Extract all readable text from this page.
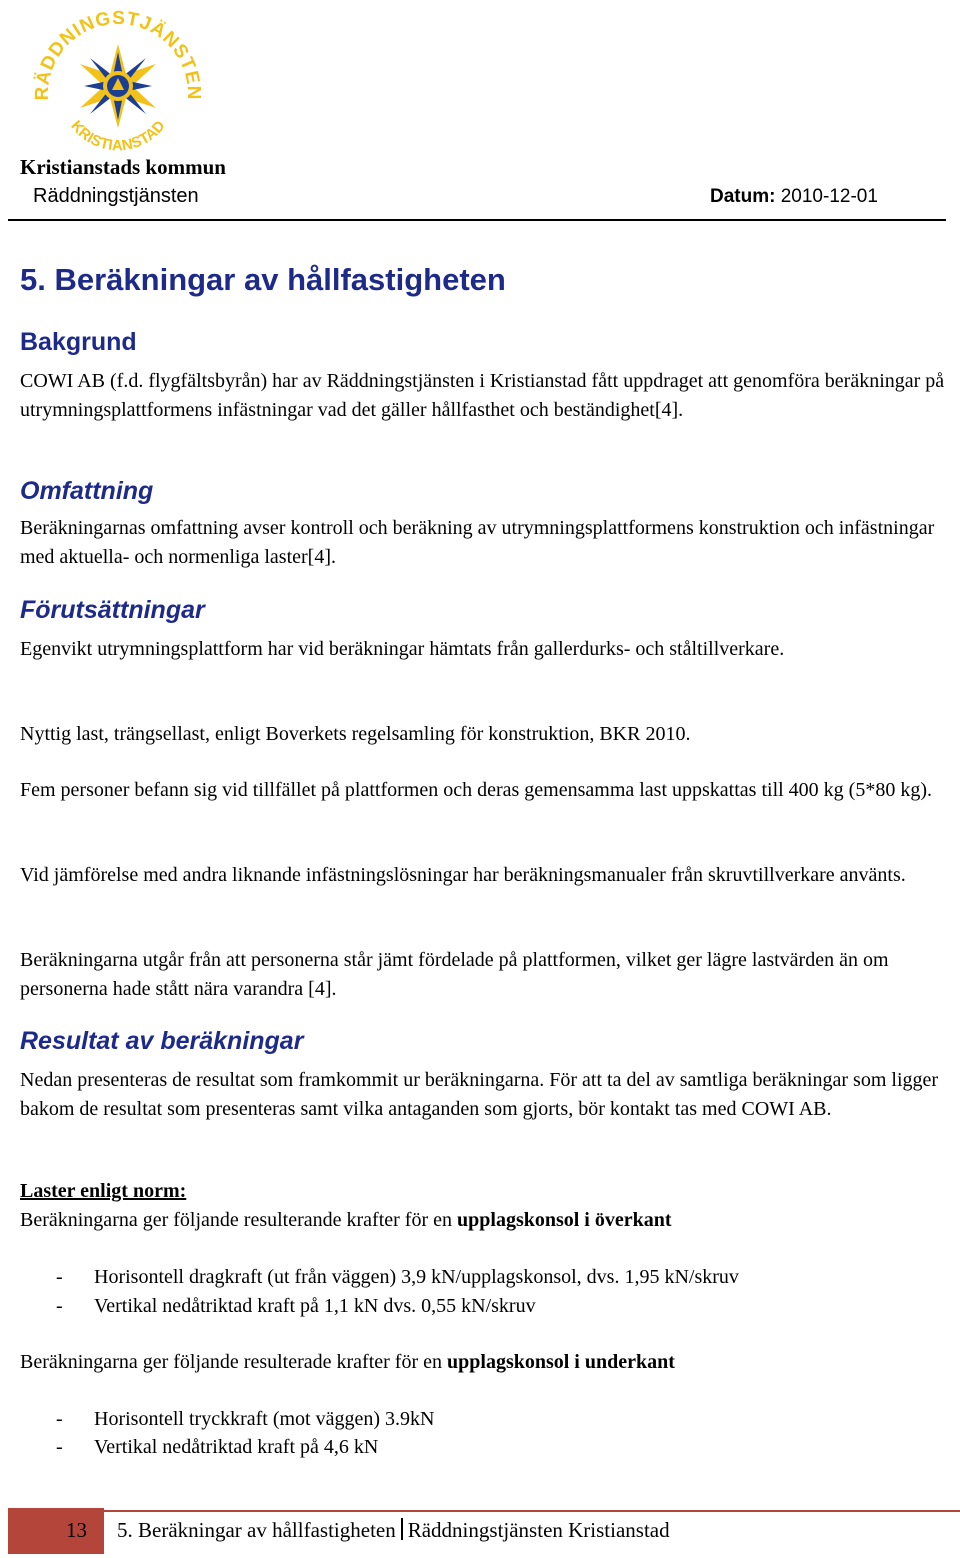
RÄDDNINGSTJÄNSTEN
KRISTIANSTAD
Kristianstads kommun
Räddningstjänsten	Datum: 2010-12-01
5. Beräkningar av hållfastigheten
Bakgrund
COWI AB (f.d. flygfältsbyrån) har av Räddningstjänsten i Kristianstad fått uppdraget att genomföra beräkningar på utrymningsplattformens infästningar vad det gäller hållfasthet och beständighet[4].
Omfattning
Beräkningarnas omfattning avser kontroll och beräkning av utrymningsplattformens konstruktion och infästningar med aktuella- och normenliga laster[4].
Förutsättningar
Egenvikt utrymningsplattform har vid beräkningar hämtats från gallerdurks- och ståltillverkare.
Nyttig last, trängsellast, enligt Boverkets regelsamling för konstruktion, BKR 2010.
Fem personer befann sig vid tillfället på plattformen och deras gemensamma last uppskattas till 400 kg (5*80 kg).
Vid jämförelse med andra liknande infästningslösningar har beräkningsmanualer från skruvtillverkare använts.
Beräkningarna utgår från att personerna står jämt fördelade på plattformen, vilket ger lägre lastvärden än om personerna hade stått nära varandra [4].
Resultat av beräkningar
Nedan presenteras de resultat som framkommit ur beräkningarna. För att ta del av samtliga beräkningar som ligger bakom de resultat som presenteras samt vilka antaganden som gjorts, bör kontakt tas med COWI AB.
Laster enligt norm:
Beräkningarna ger följande resulterande krafter för en upplagskonsol i överkant
- Horisontell dragkraft (ut från väggen) 3,9 kN/upplagskonsol, dvs. 1,95 kN/skruv
- Vertikal nedåtriktad kraft på 1,1 kN dvs. 0,55 kN/skruv
Beräkningarna ger följande resulterade krafter för en upplagskonsol i underkant
- Horisontell tryckkraft (mot väggen) 3.9kN
- Vertikal nedåtriktad kraft på 4,6 kN
13 5. Beräkningar av hållfastigheten Räddningstjänsten Kristianstad
